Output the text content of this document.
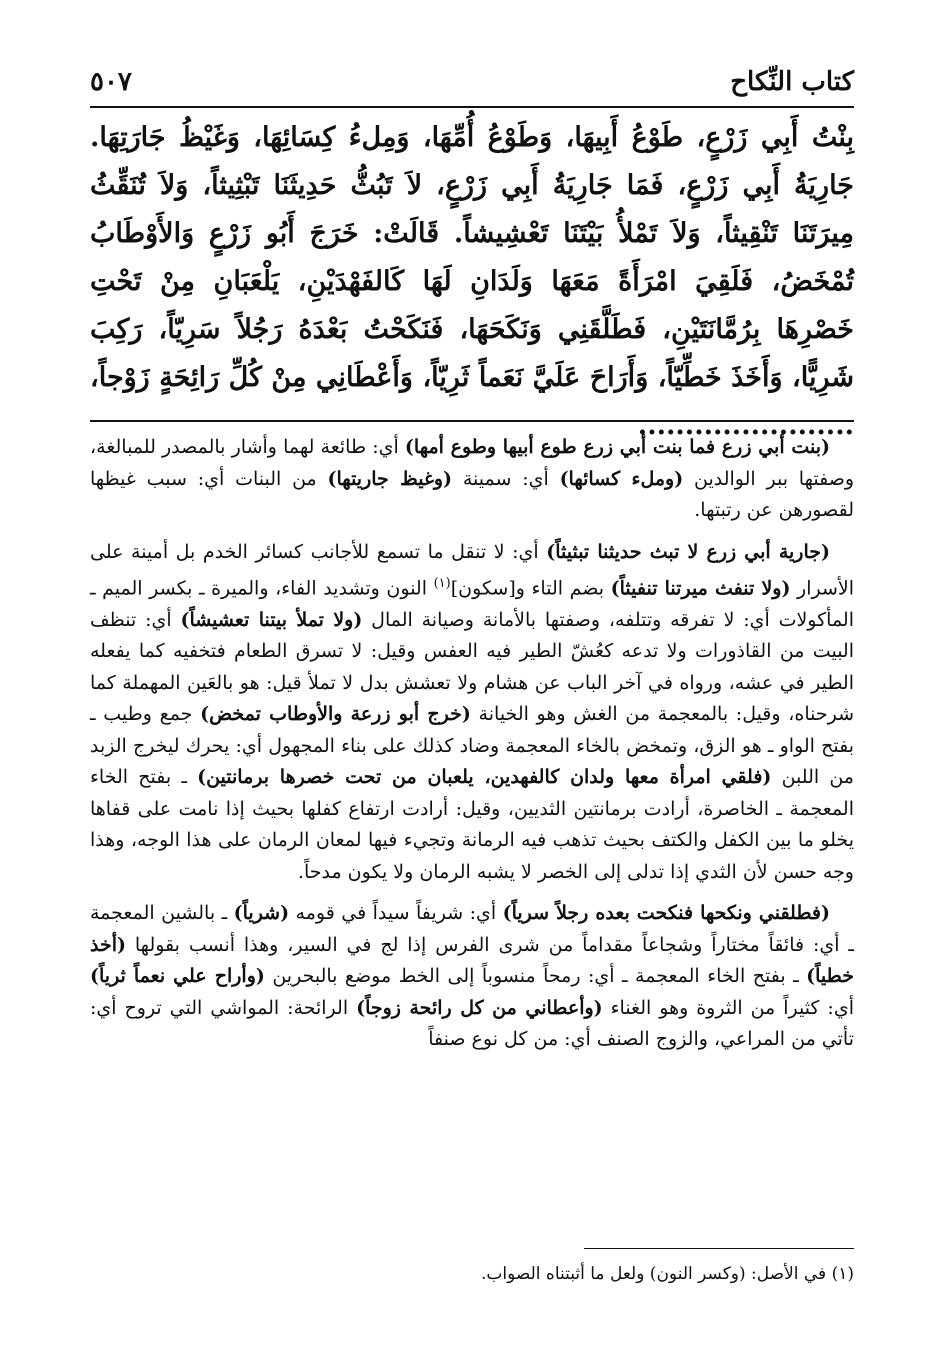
كتاب النِّكاح
٥٠٧

بِنْتُ أَبِي زَرْعٍ، طَوْعُ أَبِيهَا، وَطَوْعُ أُمِّهَا، وَمِلءُ كِسَائِهَا، وَغَيْظُ جَارَتِهَا. جَارِيَةُ أَبِي زَرْعٍ، فَمَا جَارِيَةُ أَبِي زَرْعٍ، لاَ تَبُثُّ حَدِيثَنَا تَبْثِيثاً، وَلاَ تُنَقِّثُ مِيرَتَنَا تَنْقِيثاً، وَلاَ تَمْلأُ بَيْتَنَا تَعْشِيشاً. قَالَتْ: خَرَجَ أَبُو زَرْعٍ وَالأَوْطَابُ تُمْخَضُ، فَلَقِيَ امْرَأَةً مَعَهَا وَلَدَانِ لَهَا كَالفَهْدَيْنِ، يَلْعَبَانِ مِنْ تَحْتِ خَصْرِهَا بِرُمَّانَتَيْنِ، فَطَلَّقَنِي وَنَكَحَهَا، فَنَكَحْتُ بَعْدَهُ رَجُلاً سَرِيّاً، رَكِبَ شَرِيًّا، وَأَخَذَ خَطِّيّاً، وَأَرَاحَ عَلَيَّ نَعَماً ثَرِيّاً، وَأَعْطَانِي مِنْ كُلِّ رَائِحَةٍ زَوْجاً، .......................

(بنت أبي زرع فما بنت أبي زرع طوع أبيها وطوع أمها) أي: طائعة لهما وأشار بالمصدر للمبالغة، وصفتها ببر الوالدين (وملء كسائها) أي: سمينة (وغيظ جاريتها) من البنات أي: سبب غيظها لقصورهن عن رتبتها.

(جارية أبي زرع لا تبث حديثنا تبثيثاً) أي: لا تنقل ما تسمع للأجانب كسائر الخدم بل أمينة على الأسرار (ولا تنفث ميرتنا تنفيثاً) بضم التاء و[سكون]$^{(١)}$ النون وتشديد الفاء، والميرة ـ بكسر الميم ـ المأكولات أي: لا تفرقه وتتلفه، وصفتها بالأمانة وصيانة المال (ولا تملأ بيتنا تعشيشاً) أي: تنظف البيت من القاذورات ولا تدعه كعُشّ الطير فيه العفس وقيل: لا تسرق الطعام فتخفيه كما يفعله الطير في عشه، ورواه في آخر الباب عن هشام ولا تعشش بدل لا تملأ قيل: هو بالعَين المهملة كما شرحناه، وقيل: بالمعجمة من الغش وهو الخيانة (خرج أبو زرعة والأوطاب تمخض) جمع وطيب ـ بفتح الواو ـ هو الزق، وتمخض بالخاء المعجمة وضاد كذلك على بناء المجهول أي: يحرك ليخرج الزبد من اللبن (فلقي امرأة معها ولدان كالفهدين، يلعبان من تحت خصرها برمانتين) ـ بفتح الخاء المعجمة ـ الخاصرة، أرادت برمانتين الثديين، وقيل: أرادت ارتفاع كفلها بحيث إذا نامت على قفاها يخلو ما بين الكفل والكتف بحيث تذهب فيه الرمانة وتجيء فيها لمعان الرمان على هذا الوجه، وهذا وجه حسن لأن الثدي إذا تدلى إلى الخصر لا يشبه الرمان ولا يكون مدحاً.

(فطلقني ونكحها فنكحت بعده رجلاً سرياً) أي: شريفاً سيداً في قومه (شرياً) ـ بالشين المعجمة ـ أي: فائقاً مختاراً وشجاعاً مقداماً من شرى الفرس إذا لج في السير، وهذا أنسب بقولها (أخذ خطياً) ـ بفتح الخاء المعجمة ـ أي: رمحاً منسوباً إلى الخط موضع بالبحرين (وأراح علي نعماً ثرياً) أي: كثيراً من الثروة وهو الغناء (وأعطاني من كل رائحة زوجاً) الرائحة: المواشي التي تروح أي: تأتي من المراعي، والزوج الصنف أي: من كل نوع صنفاً

(١) في الأصل: (وكسر النون) ولعل ما أثبتناه الصواب.
